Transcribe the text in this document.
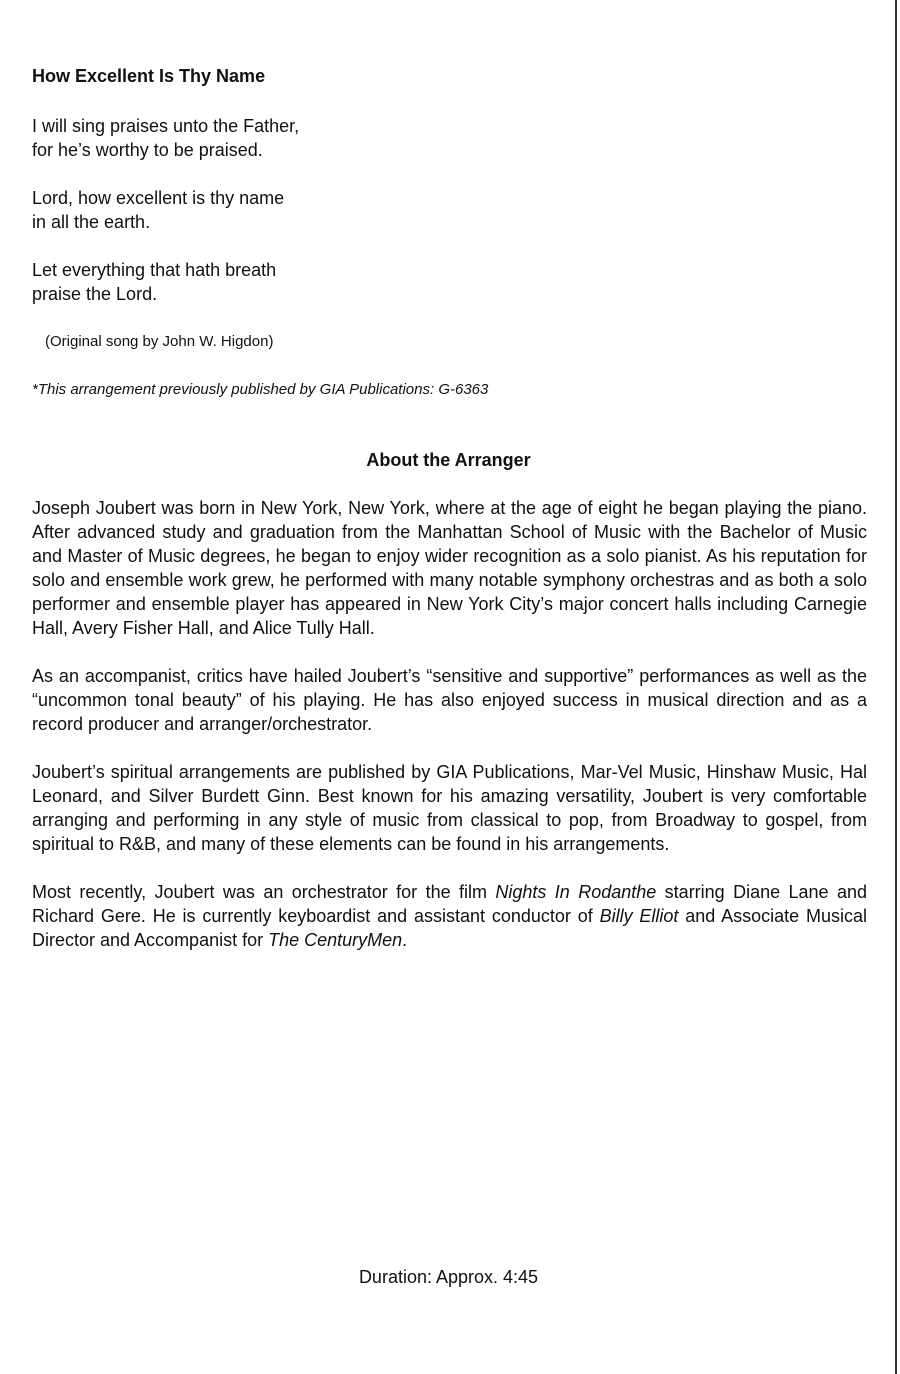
How Excellent Is Thy Name
I will sing praises unto the Father,
for he’s worthy to be praised.
Lord, how excellent is thy name
in all the earth.
Let everything that hath breath
praise the Lord.
(Original song by John W. Higdon)
*This arrangement previously published by GIA Publications: G-6363
About the Arranger

Joseph Joubert was born in New York, New York, where at the age of eight he began playing the piano. After advanced study and graduation from the Manhattan School of Music with the Bachelor of Music and Master of Music degrees, he began to enjoy wider recognition as a solo pianist. As his reputation for solo and ensemble work grew, he performed with many notable symphony orchestras and as both a solo performer and ensemble player has appeared in New York City’s major concert halls including Carnegie Hall, Avery Fisher Hall, and Alice Tully Hall.

As an accompanist, critics have hailed Joubert’s “sensitive and supportive” performances as well as the “uncommon tonal beauty” of his playing. He has also enjoyed success in musical direction and as a record producer and arranger/orchestrator.

Joubert’s spiritual arrangements are published by GIA Publications, Mar-Vel Music, Hinshaw Music, Hal Leonard, and Silver Burdett Ginn. Best known for his amazing versatility, Joubert is very comfortable arranging and performing in any style of music from classical to pop, from Broadway to gospel, from spiritual to R&B, and many of these elements can be found in his arrangements.

Most recently, Joubert was an orchestrator for the film Nights In Rodanthe starring Diane Lane and Richard Gere. He is currently keyboardist and assistant conductor of Billy Elliot and Associate Musical Director and Accompanist for The CenturyMen.

Duration: Approx. 4:45
